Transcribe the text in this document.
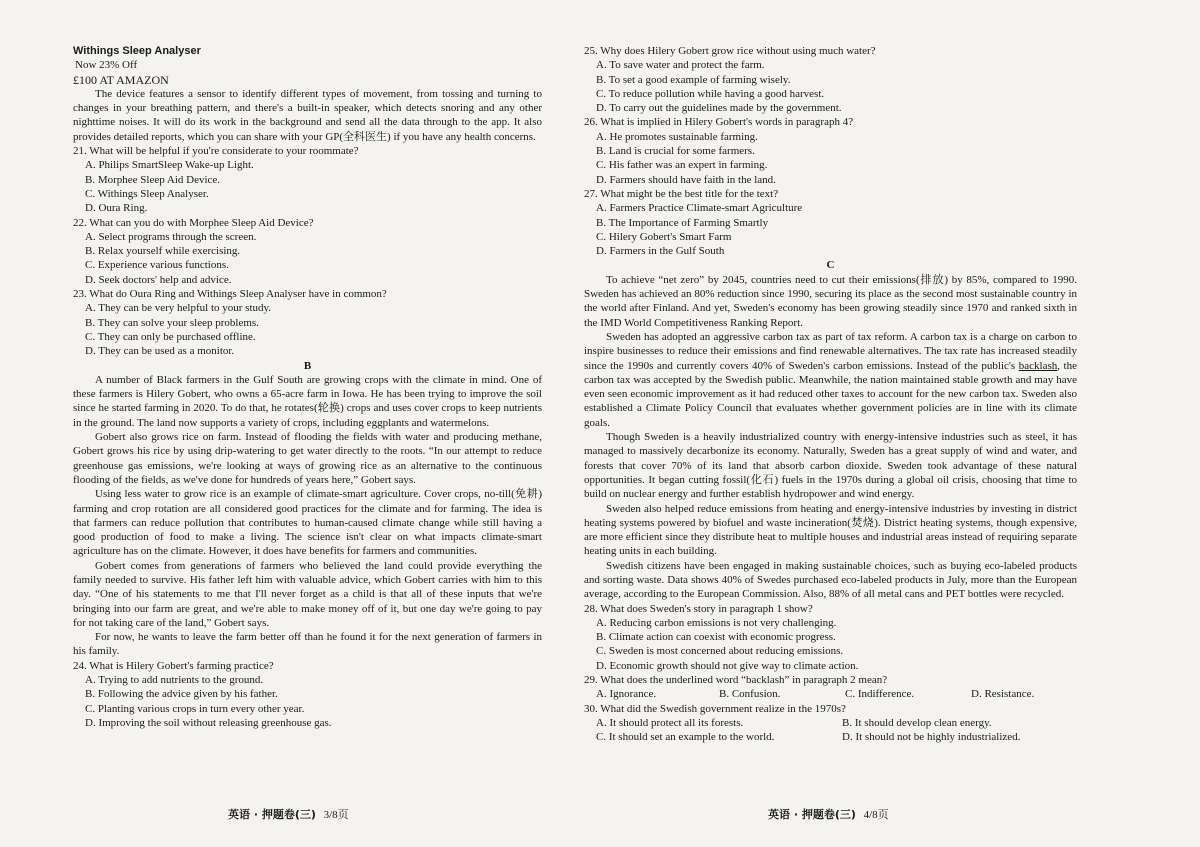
Withings Sleep Analyser

Now 23% Off

£100 AT AMAZON

The device features a sensor to identify different types of movement, from tossing and turning to changes in your breathing pattern, and there's a built-in speaker, which detects snoring and any other nighttime noises. It will do its work in the background and send all the data through to the app. It also provides detailed reports, which you can share with your GP(全科医生) if you have any health concerns.

21. What will be helpful if you're considerate to your roommate?

A. Philips SmartSleep Wake-up Light.

B. Morphee Sleep Aid Device.

C. Withings Sleep Analyser.

D. Oura Ring.

22. What can you do with Morphee Sleep Aid Device?

A. Select programs through the screen.

B. Relax yourself while exercising.

C. Experience various functions.

D. Seek doctors' help and advice.

23. What do Oura Ring and Withings Sleep Analyser have in common?

A. They can be very helpful to your study.

B. They can solve your sleep problems.

C. They can only be purchased offline.

D. They can be used as a monitor.

B

A number of Black farmers in the Gulf South are growing crops with the climate in mind. One of these farmers is Hilery Gobert, who owns a 65-acre farm in Iowa. He has been trying to improve the soil since he started farming in 2020. To do that, he rotates(轮换) crops and uses cover crops to keep nutrients in the ground. The land now supports a variety of crops, including eggplants and watermelons.

Gobert also grows rice on farm. Instead of flooding the fields with water and producing methane, Gobert grows his rice by using drip-watering to get water directly to the roots. “In our attempt to reduce greenhouse gas emissions, we're looking at ways of growing rice as an alternative to the continuous flooding of the fields, as we've done for hundreds of years here,” Gobert says.

Using less water to grow rice is an example of climate-smart agriculture. Cover crops, no-till(免耕) farming and crop rotation are all considered good practices for the climate and for farming. The idea is that farmers can reduce pollution that contributes to human-caused climate change while still having a good production of food to make a living. The science isn't clear on what impacts climate-smart agriculture has on the climate. However, it does have benefits for farmers and communities.

Gobert comes from generations of farmers who believed the land could provide everything the family needed to survive. His father left him with valuable advice, which Gobert carries with him to this day. “One of his statements to me that I'll never forget as a child is that all of these inputs that we're bringing into our farm are great, and we're able to make money off of it, but one day we're going to pay for not taking care of the land,” Gobert says.

For now, he wants to leave the farm better off than he found it for the next generation of farmers in his family.

24. What is Hilery Gobert's farming practice?

A. Trying to add nutrients to the ground.

B. Following the advice given by his father.

C. Planting various crops in turn every other year.

D. Improving the soil without releasing greenhouse gas.

英语 · 押题卷(三) 3/8页

25. Why does Hilery Gobert grow rice without using much water?

A. To save water and protect the farm.

B. To set a good example of farming wisely.

C. To reduce pollution while having a good harvest.

D. To carry out the guidelines made by the government.

26. What is implied in Hilery Gobert's words in paragraph 4?

A. He promotes sustainable farming.

B. Land is crucial for some farmers.

C. His father was an expert in farming.

D. Farmers should have faith in the land.

27. What might be the best title for the text?

A. Farmers Practice Climate-smart Agriculture

B. The Importance of Farming Smartly

C. Hilery Gobert's Smart Farm

D. Farmers in the Gulf South

C

To achieve “net zero” by 2045, countries need to cut their emissions(排放) by 85%, compared to 1990. Sweden has achieved an 80% reduction since 1990, securing its place as the second most sustainable country in the world after Finland. And yet, Sweden's economy has been growing steadily since 1970 and ranked sixth in the IMD World Competitiveness Ranking Report.

Sweden has adopted an aggressive carbon tax as part of tax reform. A carbon tax is a charge on carbon to inspire businesses to reduce their emissions and find renewable alternatives. The tax rate has increased steadily since the 1990s and currently covers 40% of Sweden's carbon emissions. Instead of the public's backlash, the carbon tax was accepted by the Swedish public. Meanwhile, the nation maintained stable growth and may have even seen economic improvement as it had reduced other taxes to account for the new carbon tax. Sweden also established a Climate Policy Council that evaluates whether government policies are in line with its climate goals.

Though Sweden is a heavily industrialized country with energy-intensive industries such as steel, it has managed to massively decarbonize its economy. Naturally, Sweden has a great supply of wind and water, and forests that cover 70% of its land that absorb carbon dioxide. Sweden took advantage of these natural opportunities. It began cutting fossil(化石) fuels in the 1970s during a global oil crisis, choosing that time to build on nuclear energy and further establish hydropower and wind energy.

Sweden also helped reduce emissions from heating and energy-intensive industries by investing in district heating systems powered by biofuel and waste incineration(焚烧). District heating systems, though expensive, are more efficient since they distribute heat to multiple houses and industrial areas instead of requiring separate heating units in each building.

Swedish citizens have been engaged in making sustainable choices, such as buying eco-labeled products and sorting waste. Data shows 40% of Swedes purchased eco-labeled products in July, more than the European average, according to the European Commission. Also, 88% of all metal cans and PET bottles were recycled.

28. What does Sweden's story in paragraph 1 show?

A. Reducing carbon emissions is not very challenging.

B. Climate action can coexist with economic progress.

C. Sweden is most concerned about reducing emissions.

D. Economic growth should not give way to climate action.

29. What does the underlined word “backlash” in paragraph 2 mean?

A. Ignorance.	B. Confusion.	C. Indifference.	D. Resistance.

30. What did the Swedish government realize in the 1970s?

A. It should protect all its forests.	B. It should develop clean energy.
C. It should set an example to the world.	D. It should not be highly industrialized.
英语 · 押题卷(三) 4/8页
